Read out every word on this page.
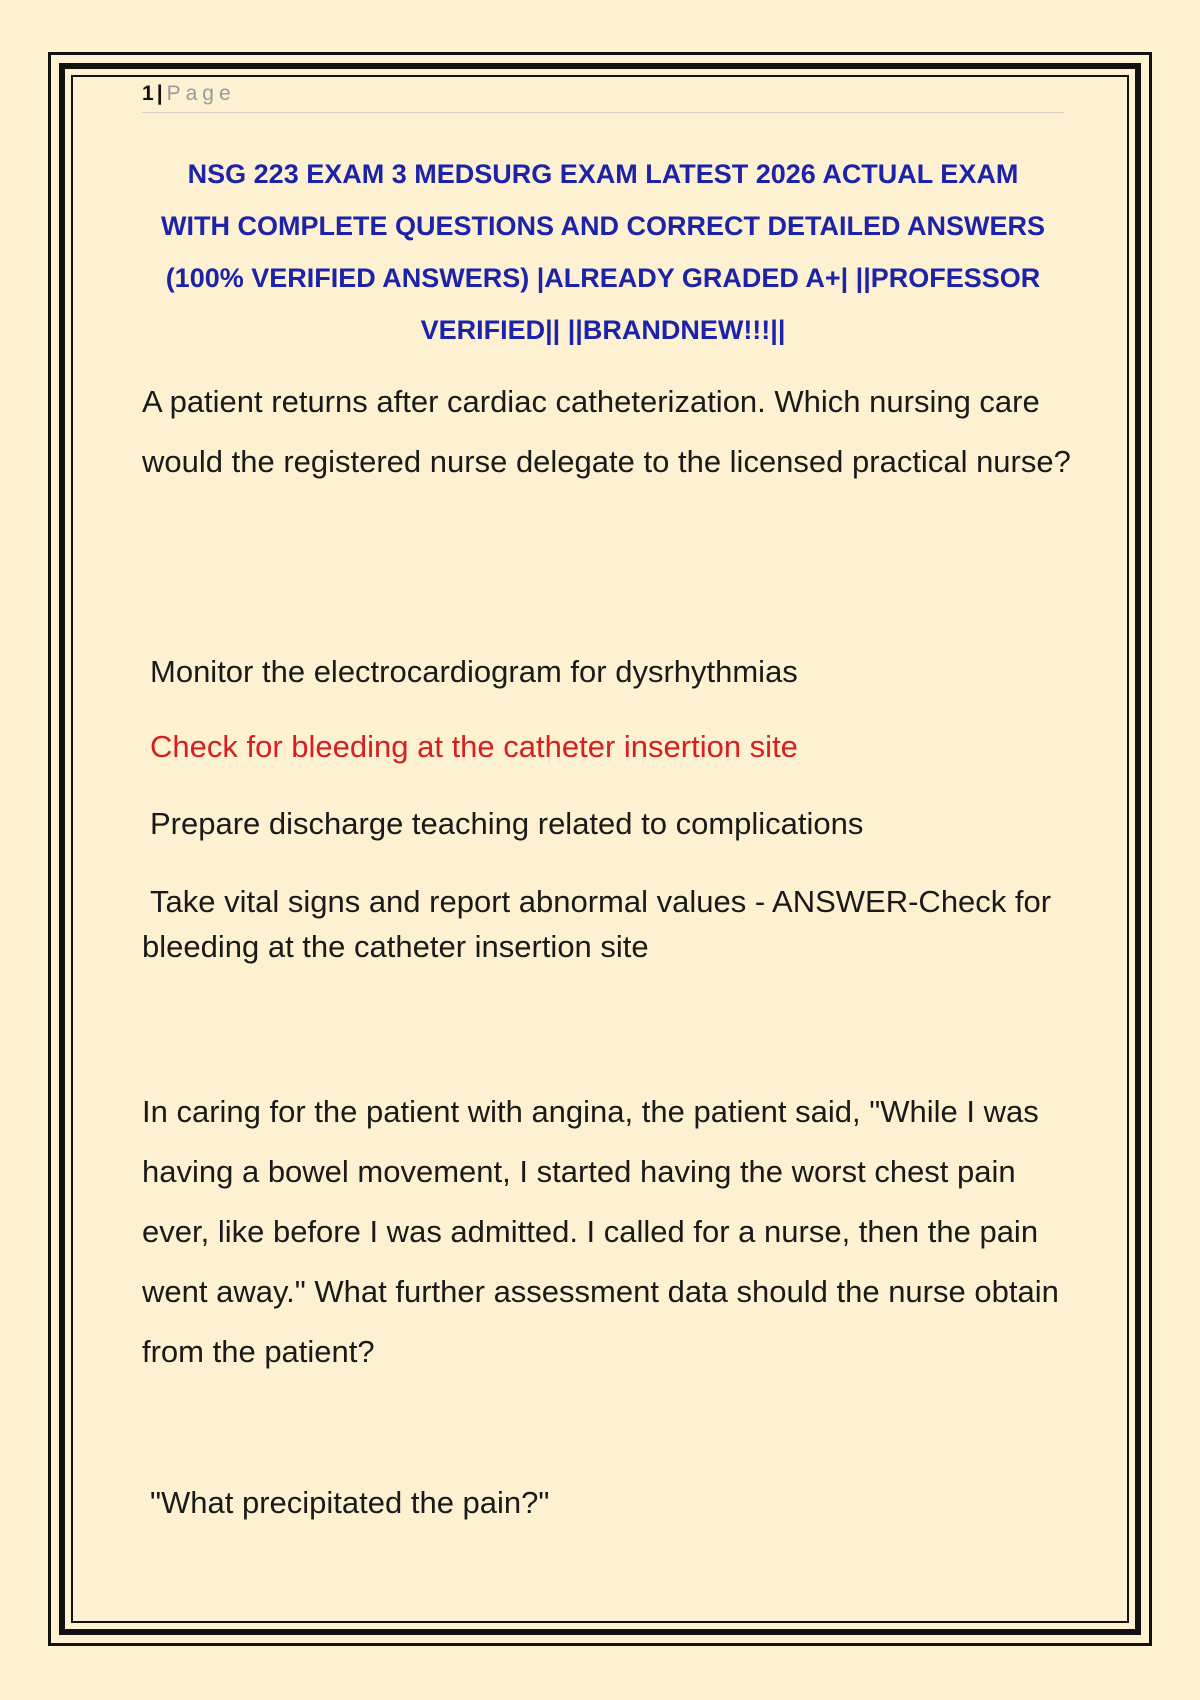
1 | Page
NSG 223 EXAM 3 MEDSURG EXAM LATEST 2026 ACTUAL EXAM
WITH COMPLETE QUESTIONS AND CORRECT DETAILED ANSWERS
(100% VERIFIED ANSWERS) |ALREADY GRADED A+| ||PROFESSOR
VERIFIED|| ||BRANDNEW!!!||

A patient returns after cardiac catheterization. Which nursing care would the registered nurse delegate to the licensed practical nurse?

Monitor the electrocardiogram for dysrhythmias

Check for bleeding at the catheter insertion site

Prepare discharge teaching related to complications

Take vital signs and report abnormal values - ANSWER-Check for bleeding at the catheter insertion site

In caring for the patient with angina, the patient said, "While I was having a bowel movement, I started having the worst chest pain ever, like before I was admitted. I called for a nurse, then the pain went away." What further assessment data should the nurse obtain from the patient?

"What precipitated the pain?"
